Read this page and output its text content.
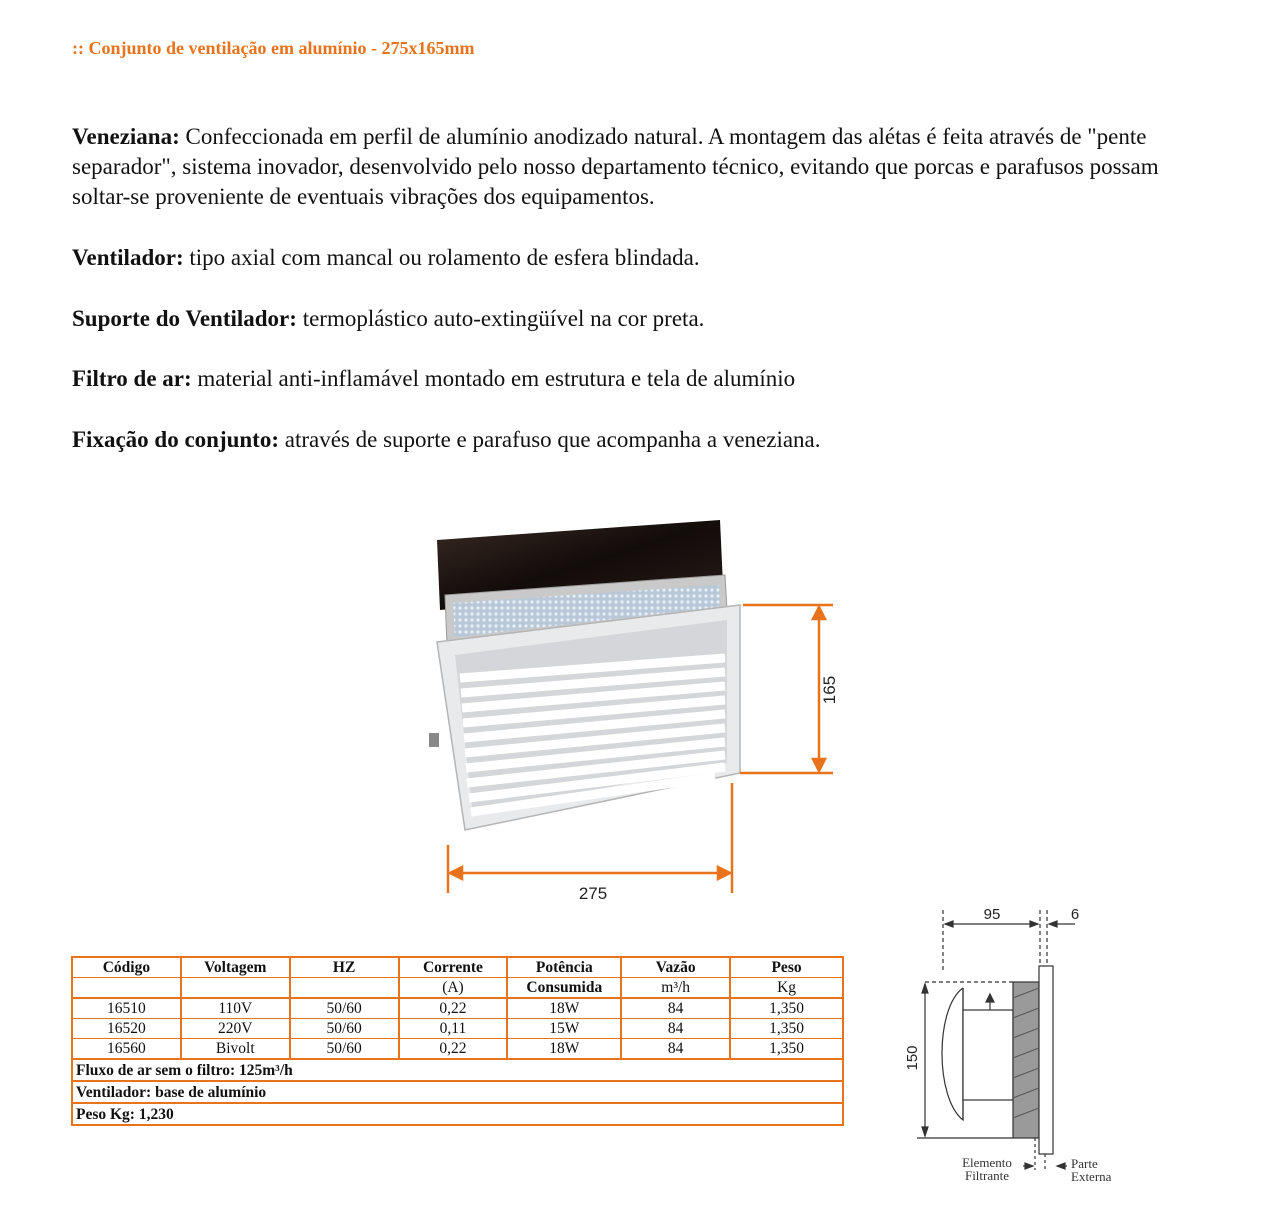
:: Conjunto de ventilação em alumínio - 275x165mm
Veneziana: Confeccionada em perfil de alumínio anodizado natural. A montagem das alétas é feita através de "pente separador", sistema inovador, desenvolvido pelo nosso departamento técnico, evitando que porcas e parafusos possam soltar-se proveniente de eventuais vibrações dos equipamentos.
Ventilador: tipo axial com mancal ou rolamento de esfera blindada.
Suporte do Ventilador: termoplástico auto-extingüível na cor preta.
Filtro de ar: material anti-inflamável montado em estrutura e tela de alumínio
Fixação do conjunto: através de suporte e parafuso que acompanha a veneziana.
165
275
95	6
150
Elemento
Filtrante
Parte
Externa
Código	Voltagem	HZ	Corrente	Potência	Vazão	Peso
			(A)	Consumida	m³/h	Kg
16510	110V	50/60	0,22	18W	84	1,350
16520	220V	50/60	0,11	15W	84	1,350
16560	Bivolt	50/60	0,22	18W	84	1,350
Fluxo de ar sem o filtro: 125m³/h						
Ventilador: base de alumínio						
Peso Kg: 1,230						
